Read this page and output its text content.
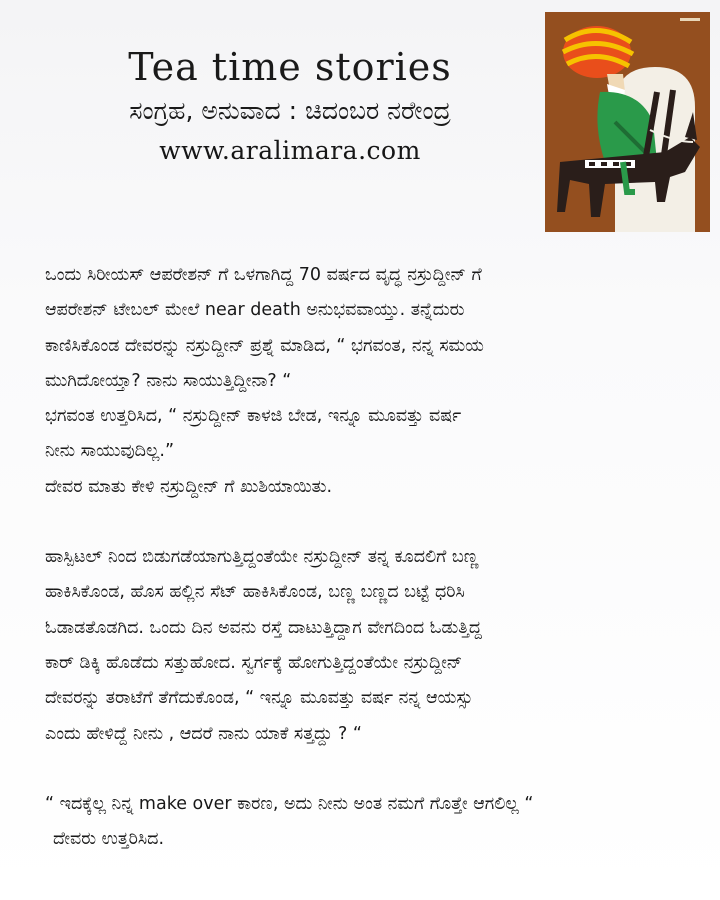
Tea time stories
ಸಂಗ್ರಹ, ಅನುವಾದ : ಚಿದಂಬರ ನರೇಂದ್ರ
www.aralimara.com

ಒಂದು ಸಿರೀಯಸ್ ಆಪರೇಶನ್ ಗೆ ಒಳಗಾಗಿದ್ದ 70 ವರ್ಷದ ವೃದ್ಧ ನಸ್ರುದ್ದೀನ್ ಗೆ

ಆಪರೇಶನ್ ಟೇಬಲ್ ಮೇಲೆ near death ಅನುಭವವಾಯ್ತು. ತನ್ನೆದುರು

ಕಾಣಿಸಿಕೊಂಡ ದೇವರನ್ನು ನಸ್ರುದ್ದೀನ್ ಪ್ರಶ್ನೆ ಮಾಡಿದ, “ ಭಗವಂತ, ನನ್ನ ಸಮಯ

ಮುಗಿದೋಯ್ತಾ? ನಾನು ಸಾಯುತ್ತಿದ್ದೀನಾ? “

ಭಗವಂತ ಉತ್ತರಿಸಿದ, “ ನಸ್ರುದ್ದೀನ್ ಕಾಳಜಿ ಬೇಡ, ಇನ್ನೂ ಮೂವತ್ತು ವರ್ಷ

ನೀನು ಸಾಯುವುದಿಲ್ಲ.”

ದೇವರ ಮಾತು ಕೇಳಿ ನಸ್ರುದ್ದೀನ್ ಗೆ ಖುಶಿಯಾಯಿತು.

ಹಾಸ್ಪಿಟಲ್ ನಿಂದ ಬಿಡುಗಡೆಯಾಗುತ್ತಿದ್ದಂತೆಯೇ ನಸ್ರುದ್ದೀನ್ ತನ್ನ ಕೂದಲಿಗೆ ಬಣ್ಣ

ಹಾಕಿಸಿಕೊಂಡ, ಹೊಸ ಹಲ್ಲಿನ ಸೆಟ್ ಹಾಕಿಸಿಕೊಂಡ, ಬಣ್ಣ ಬಣ್ಣದ ಬಟ್ಟೆ ಧರಿಸಿ

ಓಡಾಡತೊಡಗಿದ. ಒಂದು ದಿನ ಅವನು ರಸ್ತೆ ದಾಟುತ್ತಿದ್ದಾಗ ವೇಗದಿಂದ ಓಡುತ್ತಿದ್ದ

ಕಾರ್ ಡಿಕ್ಕಿ ಹೊಡೆದು ಸತ್ತುಹೋದ. ಸ್ವರ್ಗಕ್ಕೆ ಹೋಗುತ್ತಿದ್ದಂತೆಯೇ ನಸ್ರುದ್ದೀನ್

ದೇವರನ್ನು ತರಾಟೆಗೆ ತೆಗೆದುಕೊಂಡ, “ ಇನ್ನೂ ಮೂವತ್ತು ವರ್ಷ ನನ್ನ ಆಯಸ್ಸು

ಎಂದು ಹೇಳಿದ್ದೆ ನೀನು , ಆದರೆ ನಾನು ಯಾಕೆ ಸತ್ತದ್ದು ? “

“ ಇದಕ್ಕೆಲ್ಲ ನಿನ್ನ make over ಕಾರಣ, ಅದು ನೀನು ಅಂತ ನಮಗೆ ಗೊತ್ತೇ ಆಗಲಿಲ್ಲ “

ದೇವರು ಉತ್ತರಿಸಿದ.
